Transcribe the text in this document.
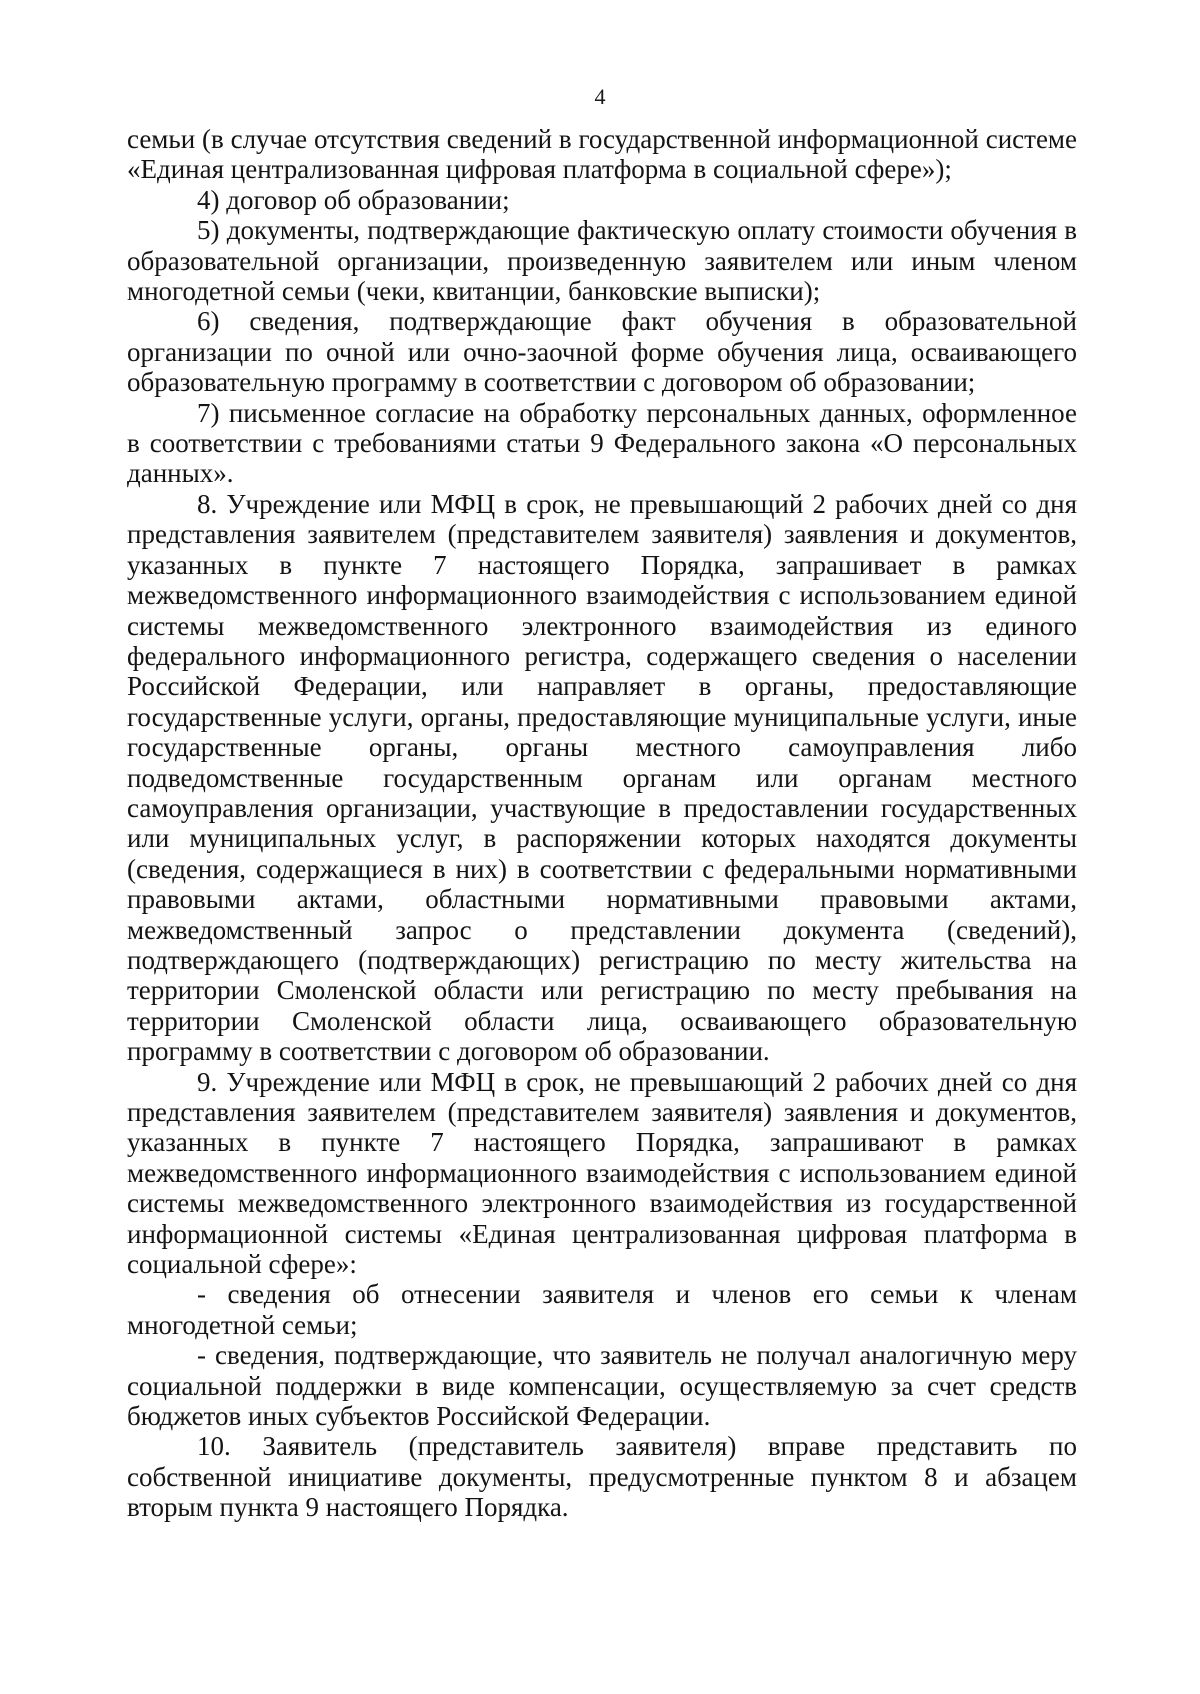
4

семьи (в случае отсутствия сведений в государственной информационной системе «Единая централизованная цифровая платформа в социальной сфере»);

4) договор об образовании;

5) документы, подтверждающие фактическую оплату стоимости обучения в образовательной организации, произведенную заявителем или иным членом многодетной семьи (чеки, квитанции, банковские выписки);

6) сведения, подтверждающие факт обучения в образовательной организации по очной или очно-заочной форме обучения лица, осваивающего образовательную программу в соответствии с договором об образовании;

7) письменное согласие на обработку персональных данных, оформленное в соответствии с требованиями статьи 9 Федерального закона «О персональных данных».

8. Учреждение или МФЦ в срок, не превышающий 2 рабочих дней со дня представления заявителем (представителем заявителя) заявления и документов, указанных в пункте 7 настоящего Порядка, запрашивает в рамках межведомственного информационного взаимодействия с использованием единой системы межведомственного электронного взаимодействия из единого федерального информационного регистра, содержащего сведения о населении Российской Федерации, или направляет в органы, предоставляющие государственные услуги, органы, предоставляющие муниципальные услуги, иные государственные органы, органы местного самоуправления либо подведомственные государственным органам или органам местного самоуправления организации, участвующие в предоставлении государственных или муниципальных услуг, в распоряжении которых находятся документы (сведения, содержащиеся в них) в соответствии с федеральными нормативными правовыми актами, областными нормативными правовыми актами, межведомственный запрос о представлении документа (сведений), подтверждающего (подтверждающих) регистрацию по месту жительства на территории Смоленской области или регистрацию по месту пребывания на территории Смоленской области лица, осваивающего образовательную программу в соответствии с договором об образовании.

9. Учреждение или МФЦ в срок, не превышающий 2 рабочих дней со дня представления заявителем (представителем заявителя) заявления и документов, указанных в пункте 7 настоящего Порядка, запрашивают в рамках межведомственного информационного взаимодействия с использованием единой системы межведомственного электронного взаимодействия из государственной информационной системы «Единая централизованная цифровая платформа в социальной сфере»:

- сведения об отнесении заявителя и членов его семьи к членам многодетной семьи;

- сведения, подтверждающие, что заявитель не получал аналогичную меру социальной поддержки в виде компенсации, осуществляемую за счет средств бюджетов иных субъектов Российской Федерации.

10. Заявитель (представитель заявителя) вправе представить по собственной инициативе документы, предусмотренные пунктом 8 и абзацем вторым пункта 9 настоящего Порядка.
